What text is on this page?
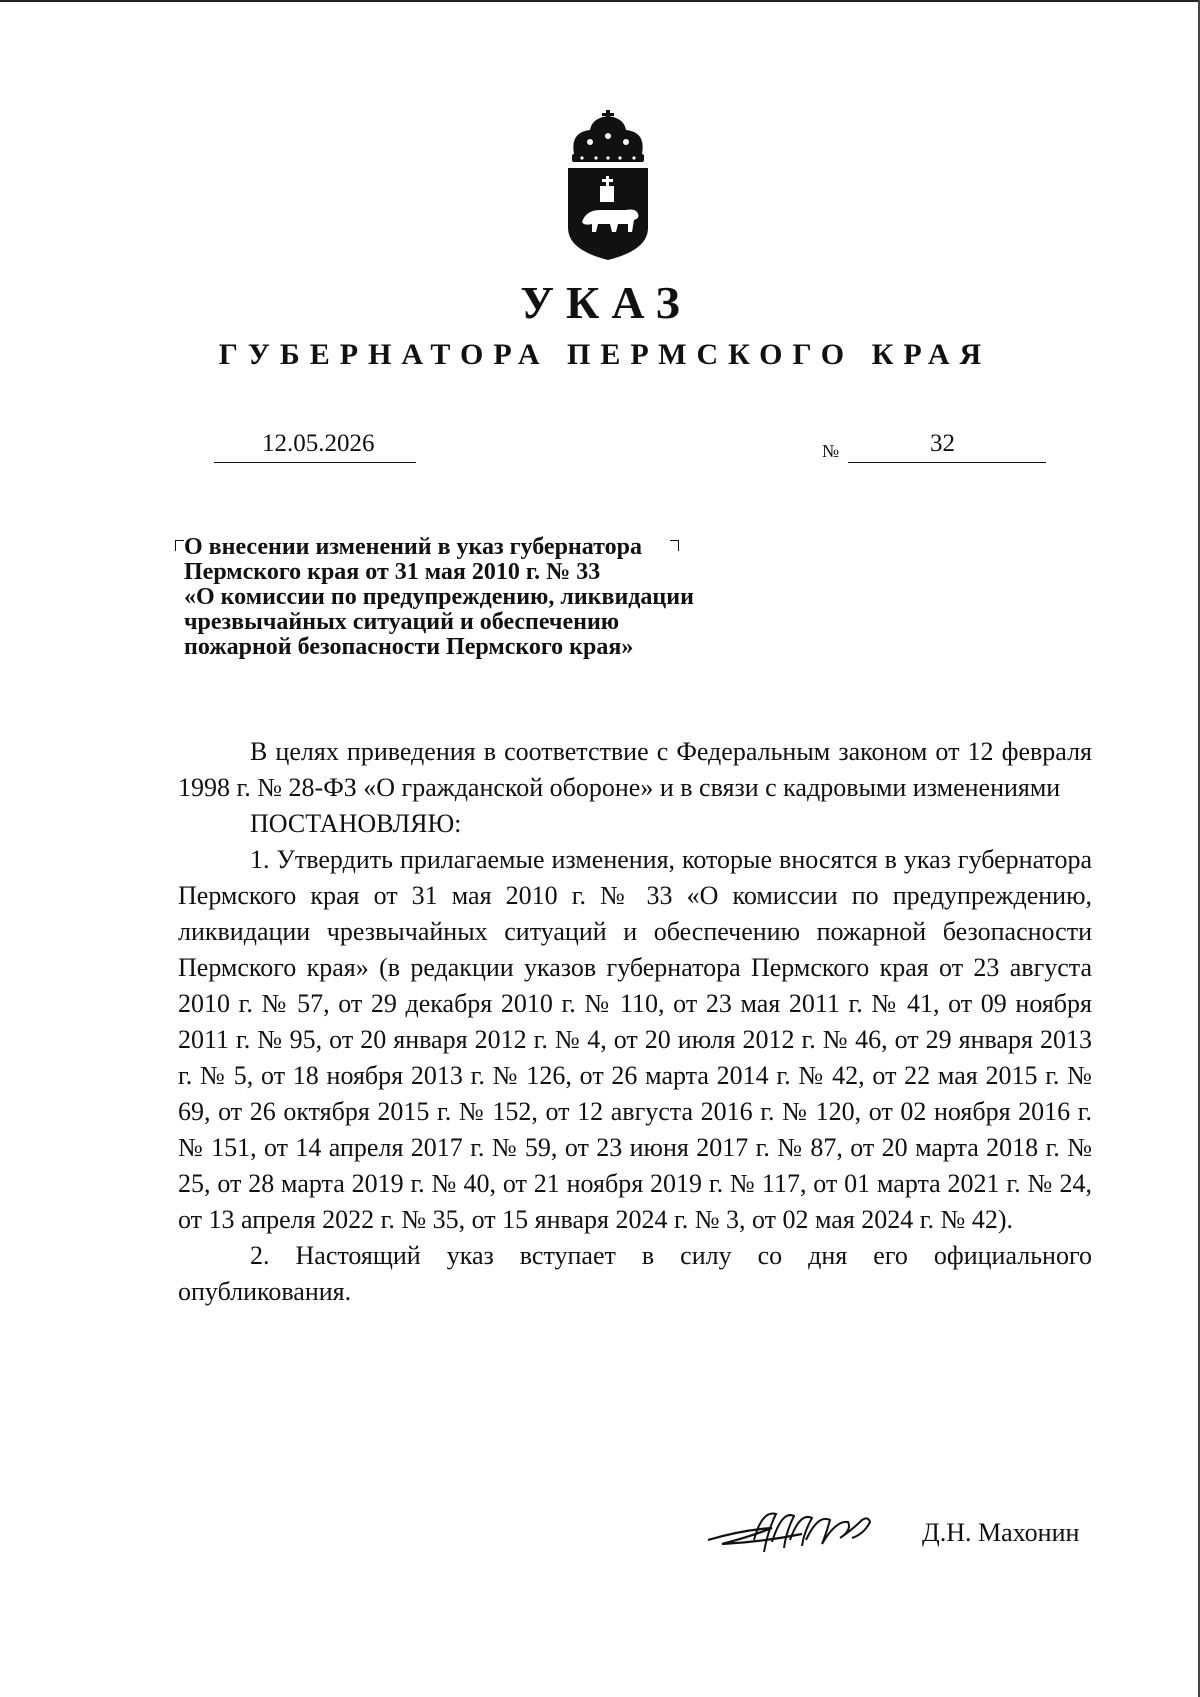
УКАЗ
ГУБЕРНАТОРА ПЕРМСКОГО КРАЯ
12.05.2026	№	32
О внесении изменений в указ губернатора
Пермского края от 31 мая 2010 г. № 33
«О комиссии по предупреждению, ликвидации
чрезвычайных ситуаций и обеспечению
пожарной безопасности Пермского края»

В целях приведения в соответствие с Федеральным законом от 12 февраля 1998 г. № 28-ФЗ «О гражданской обороне» и в связи с кадровыми изменениями

ПОСТАНОВЛЯЮ:

1. Утвердить прилагаемые изменения, которые вносятся в указ губернатора Пермского края от 31 мая 2010 г. № 33 «О комиссии по предупреждению, ликвидации чрезвычайных ситуаций и обеспечению пожарной безопасности Пермского края» (в редакции указов губернатора Пермского края от 23 августа 2010 г. № 57, от 29 декабря 2010 г. № 110, от 23 мая 2011 г. № 41, от 09 ноября 2011 г. № 95, от 20 января 2012 г. № 4, от 20 июля 2012 г. № 46, от 29 января 2013 г. № 5, от 18 ноября 2013 г. № 126, от 26 марта 2014 г. № 42, от 22 мая 2015 г. № 69, от 26 октября 2015 г. № 152, от 12 августа 2016 г. № 120, от 02 ноября 2016 г. № 151, от 14 апреля 2017 г. № 59, от 23 июня 2017 г. № 87, от 20 марта 2018 г. № 25, от 28 марта 2019 г. № 40, от 21 ноября 2019 г. № 117, от 01 марта 2021 г. № 24, от 13 апреля 2022 г. № 35, от 15 января 2024 г. № 3, от 02 мая 2024 г. № 42).

2. Настоящий указ вступает в силу со дня его официального опубликования.

Д.Н. Махонин
